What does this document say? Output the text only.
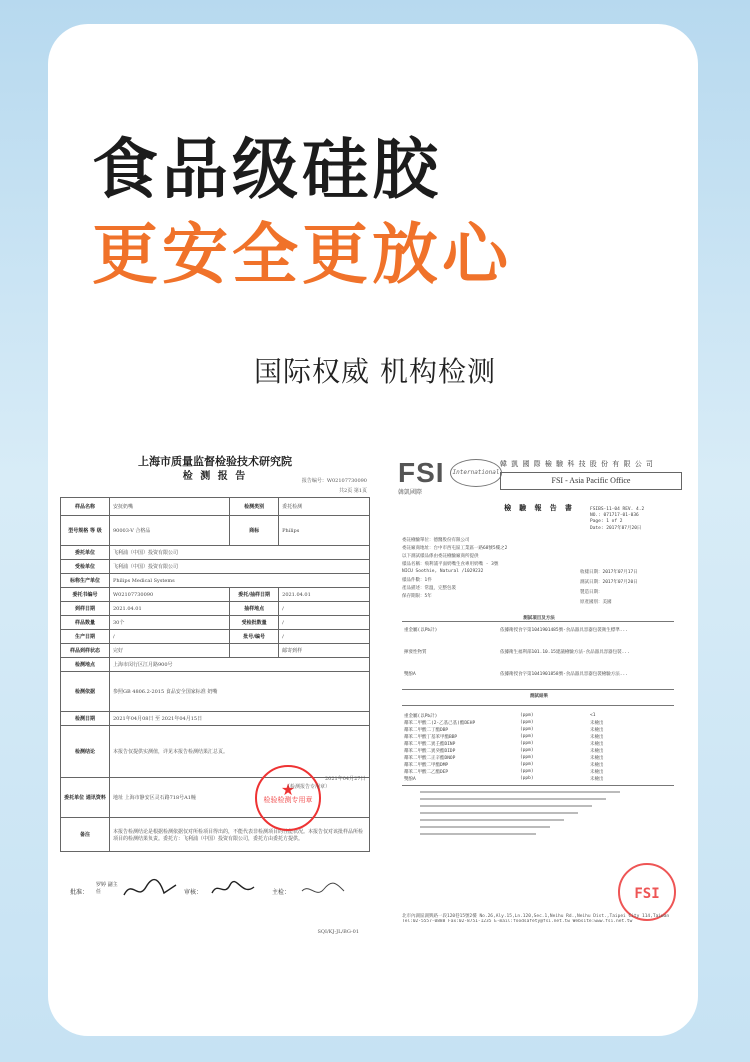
食品级硅胶
更安全更放心
国际权威 机构检测
上海市质量监督检验技术研究院
检 测 报 告	报告编号：W02107730090
共2页 第1页
样品名称	安抚奶嘴	检测类别	委托检测
型号规格 等 级	90003-V 合格品	商标	Philips
委托单位	飞利浦（中国）投资有限公司		
受检单位	飞利浦（中国）投资有限公司		
标称生产单位	Philips Medical Systems		
委托书编号	W02107730090	委托/抽样日期	2021.04.01
到样日期	2021.04.01	抽样地点	/
样品数量	30个	受检批数量	/
生产日期	/	批号/编号	/
样品到样状态	完好		邮寄到样
检测地点	上海市闵行区江月路900号		
检测依据	参照GB 4806.2-2015 食品安全国家标准 奶嘴		
检测日期	2021年04月08日 至 2021年04月15日		
检测结论	本报告仅提供实测值，详见本报告检测结果汇总页。		
委托单位 通讯资料	地址 上海市静安区灵石路718号A1幢		
备注	本报告检测结论是根据检测依据仅对所检项目得出的，不能代表非检测项目的性能状况。本报告仅对该批样品所检项目的检测结果负责。委托方：飞利浦（中国）投资有限公司，委托方由委托方提供。		
★
检验检测专用章
（检测报告专用章）
2021年04月27日
批准：
罗婷 副主任	审核：	主检：
SQI/KJ-JL/BG-01
FSI
韓凱國際
International
韓 凱 國 際 檢 驗 科 技 股 份 有 限 公 司
FSI - Asia Pacific Office
檢 驗 報 告 書	FSIBS-11-04 REV. 4.2
NO.: 071717-01-036
Page: 1 of 2
Date: 2017年07月20日
委託檢驗單位：德醫股份有限公司
委託廠商地址：台中市西屯區工業區一路68號5樓之2
以下測試樣品係由委託檢驗廠商所提供
樣品名稱：飛利浦平面奶嘴生食專用奶嘴 - 3號
NICU Soothie, Natural /1029232
樣品件數：1件
產品描述：常溫，完整包裝
保存期限：5年
收樣日期：2017年07月17日
測試日期：2017年07月20日
製造日期：
原產國別：美國
測試項目及方法
重金屬(以Pb計)	依據衛授食字第1041901485號-食品器具容器包裝衛生標準...
揮發性物質	依據衛生福利部101.10.15建議檢驗方法-食品器具容器包裝...
雙酚A	依據衛授食字第1041901858號-食品器具容器包裝檢驗方法...
測試結果
重金屬(以Pb計)	(ppm)	<1
鄰苯二甲酸二(2-乙基己基)酯DEHP	(ppm)	未檢出
鄰苯二甲酸二丁酯DBP	(ppm)	未檢出
鄰苯二甲酸丁基苯甲酯BBP	(ppm)	未檢出
鄰苯二甲酸二異壬酯DINP	(ppm)	未檢出
鄰苯二甲酸二異癸酯DIDP	(ppm)	未檢出
鄰苯二甲酸二正辛酯DNOP	(ppm)	未檢出
鄰苯二甲酸二甲酯DMP	(ppm)	未檢出
鄰苯二甲酸二乙酯DEP	(ppm)	未檢出
雙酚A	(ppb)	未檢出
FSI
北市內湖區湖興路一段120巷15號2樓 No.26,Aly.15,Ln.120,Sec.1,Neihu Rd.,Neihu Dist.,Taipei City 114,Taiwan
Tel:02-5557-0888 Fax:02-8751-1235 E-mail:foodsafety@fsi.net.tw Website:www.fsi.net.tw
